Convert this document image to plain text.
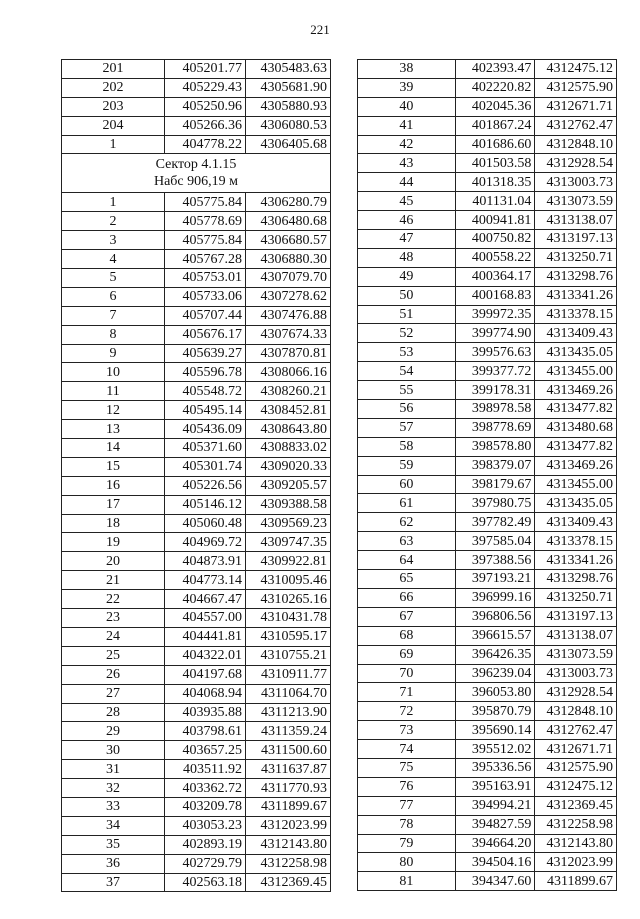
221
201	405201.77	4305483.63
202	405229.43	4305681.90
203	405250.96	4305880.93
204	405266.36	4306080.53
1	404778.22	4306405.68

Сектор 4.1.15
Набс 906,19 м		

1	405775.84	4306280.79
2	405778.69	4306480.68
3	405775.84	4306680.57
4	405767.28	4306880.30
5	405753.01	4307079.70
6	405733.06	4307278.62
7	405707.44	4307476.88
8	405676.17	4307674.33
9	405639.27	4307870.81
10	405596.78	4308066.16
11	405548.72	4308260.21
12	405495.14	4308452.81
13	405436.09	4308643.80
14	405371.60	4308833.02
15	405301.74	4309020.33
16	405226.56	4309205.57
17	405146.12	4309388.58
18	405060.48	4309569.23
19	404969.72	4309747.35
20	404873.91	4309922.81
21	404773.14	4310095.46
22	404667.47	4310265.16
23	404557.00	4310431.78
24	404441.81	4310595.17
25	404322.01	4310755.21
26	404197.68	4310911.77
27	404068.94	4311064.70
28	403935.88	4311213.90
29	403798.61	4311359.24
30	403657.25	4311500.60
31	403511.92	4311637.87
32	403362.72	4311770.93
33	403209.78	4311899.67
34	403053.23	4312023.99
35	402893.19	4312143.80
36	402729.79	4312258.98
37	402563.18	4312369.45
38	402393.47	4312475.12
39	402220.82	4312575.90
40	402045.36	4312671.71
41	401867.24	4312762.47
42	401686.60	4312848.10
43	401503.58	4312928.54
44	401318.35	4313003.73
45	401131.04	4313073.59
46	400941.81	4313138.07
47	400750.82	4313197.13
48	400558.22	4313250.71
49	400364.17	4313298.76
50	400168.83	4313341.26
51	399972.35	4313378.15
52	399774.90	4313409.43
53	399576.63	4313435.05
54	399377.72	4313455.00
55	399178.31	4313469.26
56	398978.58	4313477.82
57	398778.69	4313480.68
58	398578.80	4313477.82
59	398379.07	4313469.26
60	398179.67	4313455.00
61	397980.75	4313435.05
62	397782.49	4313409.43
63	397585.04	4313378.15
64	397388.56	4313341.26
65	397193.21	4313298.76
66	396999.16	4313250.71
67	396806.56	4313197.13
68	396615.57	4313138.07
69	396426.35	4313073.59
70	396239.04	4313003.73
71	396053.80	4312928.54
72	395870.79	4312848.10
73	395690.14	4312762.47
74	395512.02	4312671.71
75	395336.56	4312575.90
76	395163.91	4312475.12
77	394994.21	4312369.45
78	394827.59	4312258.98
79	394664.20	4312143.80
80	394504.16	4312023.99
81	394347.60	4311899.67
